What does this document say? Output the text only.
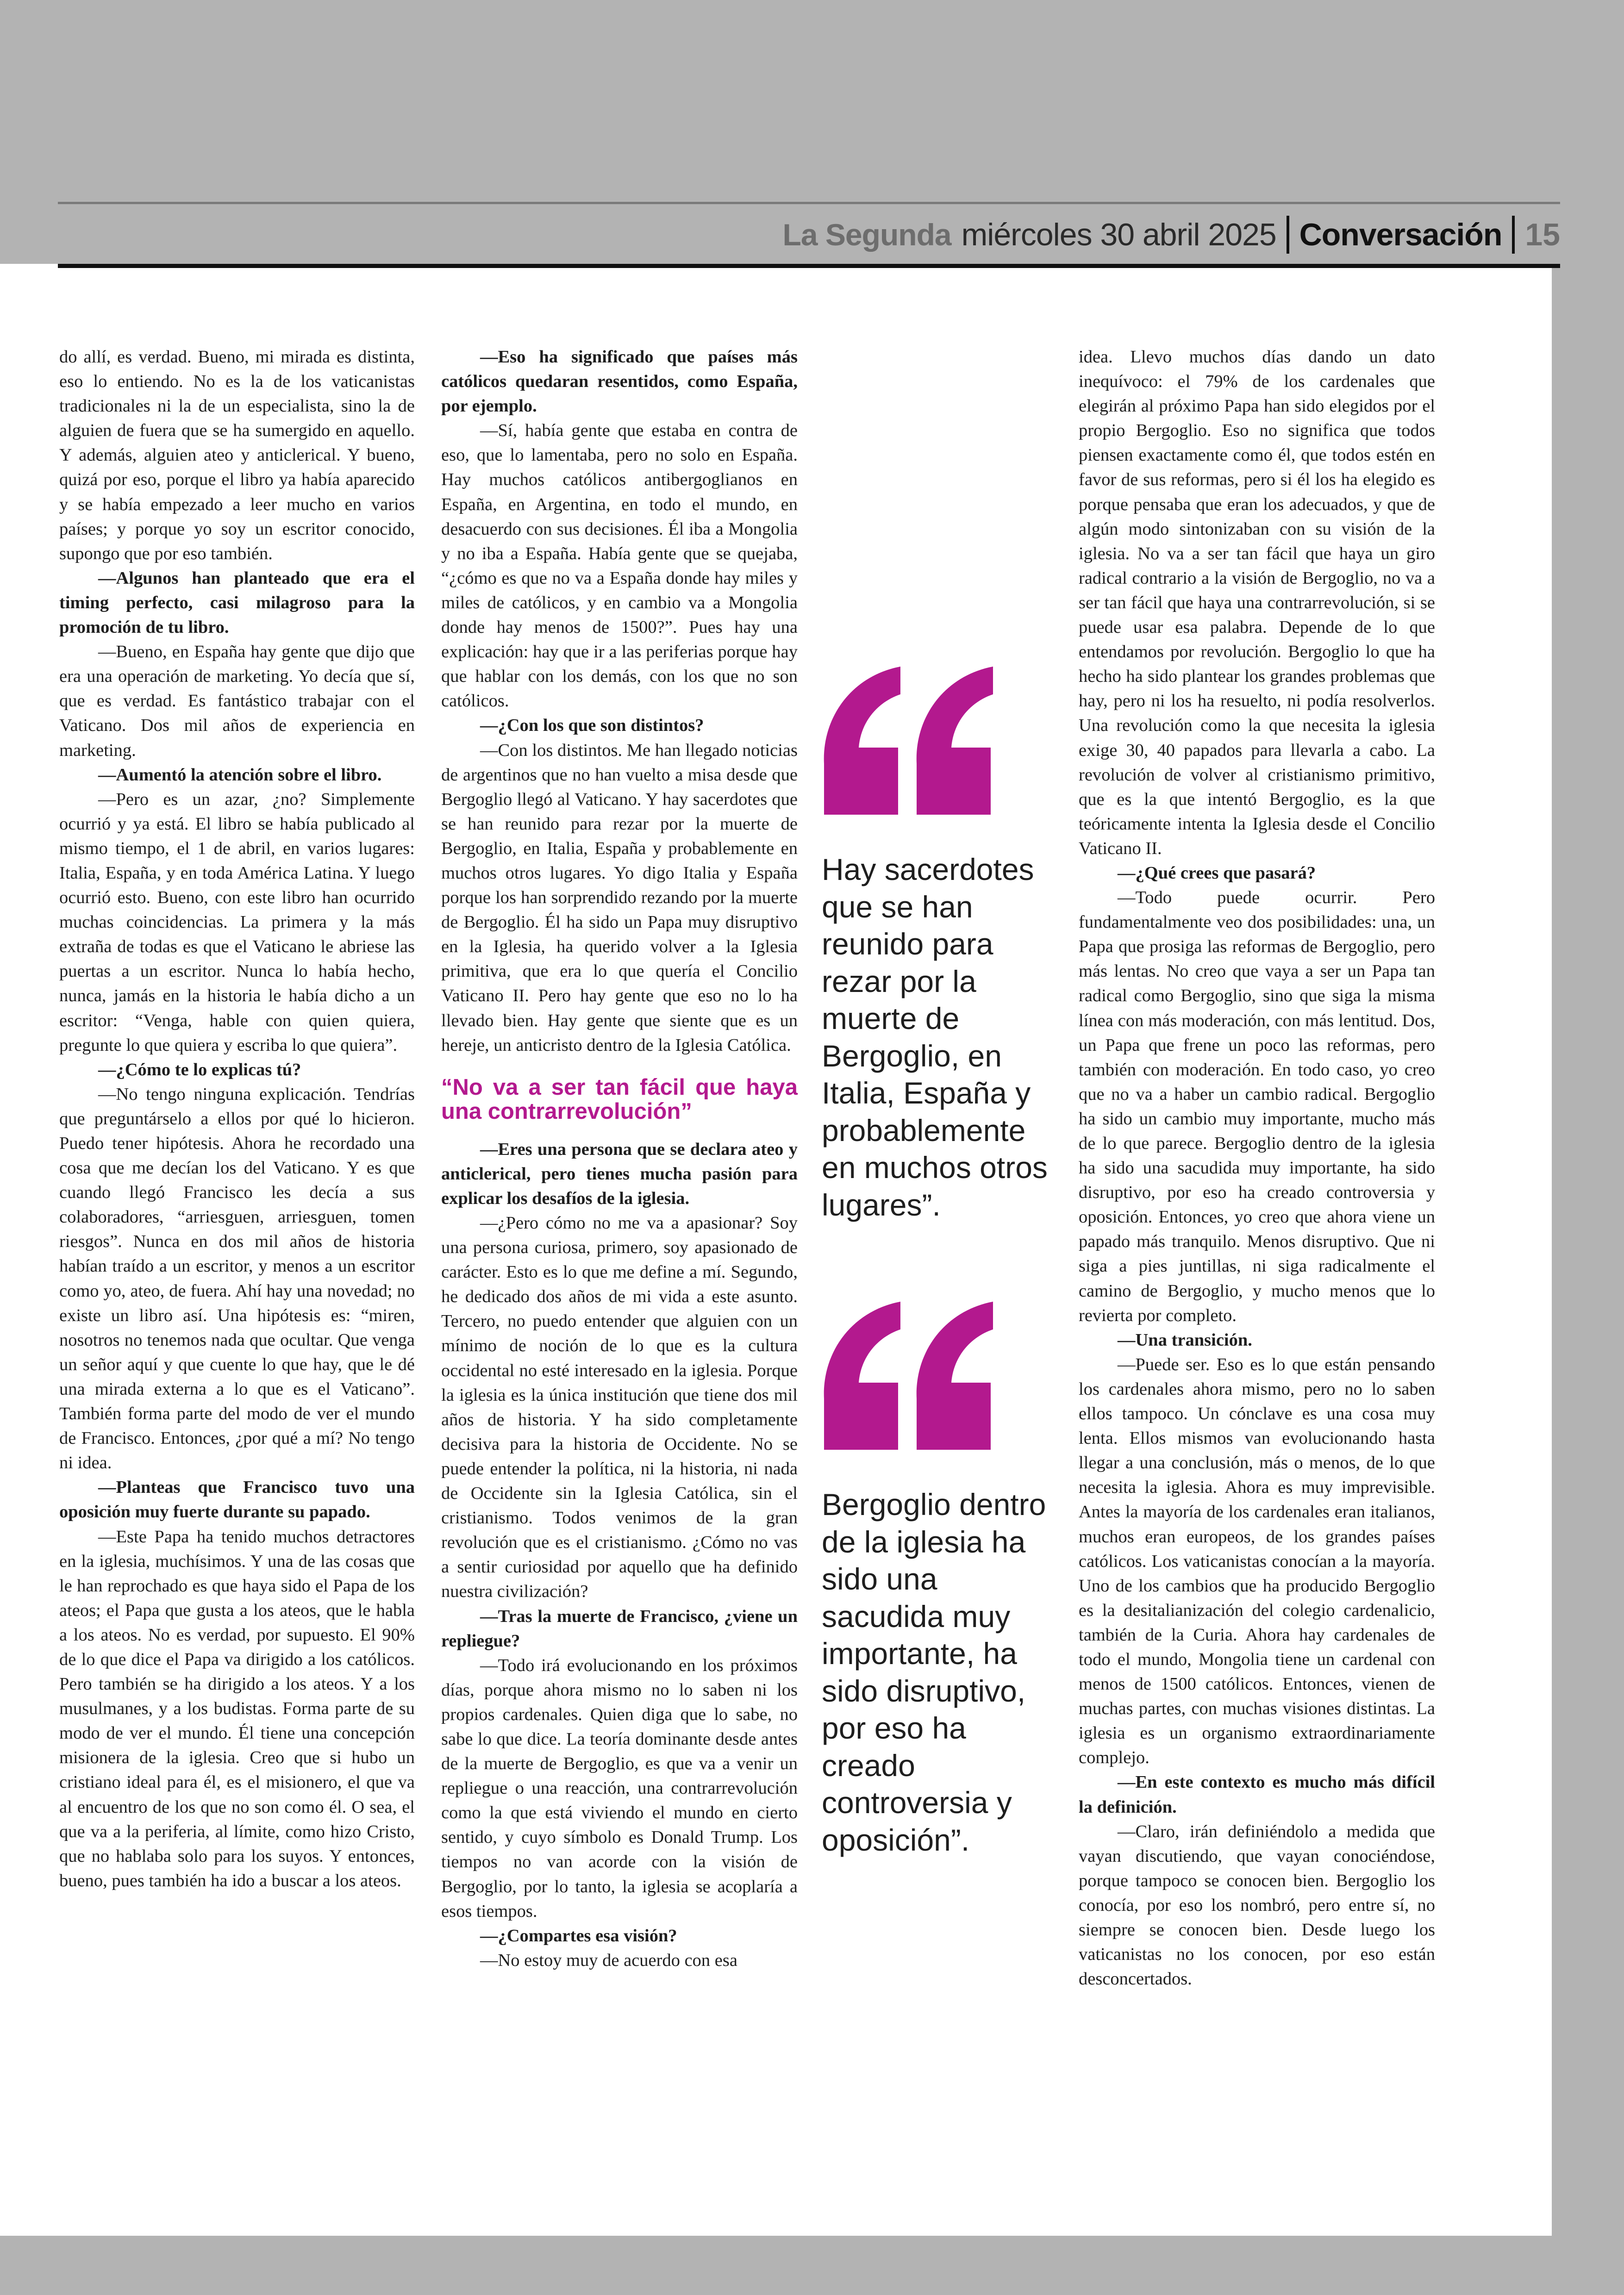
La Segunda miércoles 30 abril 2025 Conversación 15

do allí, es verdad. Bueno, mi mirada es distinta, eso lo entiendo. No es la de los vaticanistas tradicionales ni la de un especialista, sino la de alguien de fuera que se ha sumergido en aquello. Y además, alguien ateo y anticlerical. Y bueno, quizá por eso, porque el libro ya había aparecido y se había empezado a leer mucho en varios países; y porque yo soy un escritor conocido, supongo que por eso también.

—Algunos han planteado que era el timing perfecto, casi milagroso para la promoción de tu libro.

—Bueno, en España hay gente que dijo que era una operación de marketing. Yo decía que sí, que es verdad. Es fantástico trabajar con el Vaticano. Dos mil años de experiencia en marketing.

—Aumentó la atención sobre el libro.

—Pero es un azar, ¿no? Simplemente ocurrió y ya está. El libro se había publicado al mismo tiempo, el 1 de abril, en varios lugares: Italia, España, y en toda América Latina. Y luego ocurrió esto. Bueno, con este libro han ocurrido muchas coincidencias. La primera y la más extraña de todas es que el Vaticano le abriese las puertas a un escritor. Nunca lo había hecho, nunca, jamás en la historia le había dicho a un escritor: “Venga, hable con quien quiera, pregunte lo que quiera y escriba lo que quiera”.

—¿Cómo te lo explicas tú?

—No tengo ninguna explicación. Tendrías que preguntárselo a ellos por qué lo hicieron. Puedo tener hipótesis. Ahora he recordado una cosa que me decían los del Vaticano. Y es que cuando llegó Francisco les decía a sus colaboradores, “arriesguen, arriesguen, tomen riesgos”. Nunca en dos mil años de historia habían traído a un escritor, y menos a un escritor como yo, ateo, de fuera. Ahí hay una novedad; no existe un libro así. Una hipótesis es: “miren, nosotros no tenemos nada que ocultar. Que venga un señor aquí y que cuente lo que hay, que le dé una mirada externa a lo que es el Vaticano”. También forma parte del modo de ver el mundo de Francisco. Entonces, ¿por qué a mí? No tengo ni idea.

—Planteas que Francisco tuvo una oposición muy fuerte durante su papado.

—Este Papa ha tenido muchos detractores en la iglesia, muchísimos. Y una de las cosas que le han reprochado es que haya sido el Papa de los ateos; el Papa que gusta a los ateos, que le habla a los ateos. No es verdad, por supuesto. El 90% de lo que dice el Papa va dirigido a los católicos. Pero también se ha dirigido a los ateos. Y a los musulmanes, y a los budistas. Forma parte de su modo de ver el mundo. Él tiene una concepción misionera de la iglesia. Creo que si hubo un cristiano ideal para él, es el misionero, el que va al encuentro de los que no son como él. O sea, el que va a la periferia, al límite, como hizo Cristo, que no hablaba solo para los suyos. Y entonces, bueno, pues también ha ido a buscar a los ateos.

—Eso ha significado que países más católicos quedaran resentidos, como España, por ejemplo.

—Sí, había gente que estaba en contra de eso, que lo lamentaba, pero no solo en España. Hay muchos católicos antibergoglianos en España, en Argentina, en todo el mundo, en desacuerdo con sus decisiones. Él iba a Mongolia y no iba a España. Había gente que se quejaba, “¿cómo es que no va a España donde hay miles y miles de católicos, y en cambio va a Mongolia donde hay menos de 1500?”. Pues hay una explicación: hay que ir a las periferias porque hay que hablar con los demás, con los que no son católicos.

—¿Con los que son distintos?

—Con los distintos. Me han llegado noticias de argentinos que no han vuelto a misa desde que Bergoglio llegó al Vaticano. Y hay sacerdotes que se han reunido para rezar por la muerte de Bergoglio, en Italia, España y probablemente en muchos otros lugares. Yo digo Italia y España porque los han sorprendido rezando por la muerte de Bergoglio. Él ha sido un Papa muy disruptivo en la Iglesia, ha querido volver a la Iglesia primitiva, que era lo que quería el Concilio Vaticano II. Pero hay gente que eso no lo ha llevado bien. Hay gente que siente que es un hereje, un anticristo dentro de la Iglesia Católica.

“No va a ser tan fácil que haya una contrarrevolución”

—Eres una persona que se declara ateo y anticlerical, pero tienes mucha pasión para explicar los desafíos de la iglesia.

—¿Pero cómo no me va a apasionar? Soy una persona curiosa, primero, soy apasionado de carácter. Esto es lo que me define a mí. Segundo, he dedicado dos años de mi vida a este asunto. Tercero, no puedo entender que alguien con un mínimo de noción de lo que es la cultura occidental no esté interesado en la iglesia. Porque la iglesia es la única institución que tiene dos mil años de historia. Y ha sido completamente decisiva para la historia de Occidente. No se puede entender la política, ni la historia, ni nada de Occidente sin la Iglesia Católica, sin el cristianismo. Todos venimos de la gran revolución que es el cristianismo. ¿Cómo no vas a sentir curiosidad por aquello que ha definido nuestra civilización?

—Tras la muerte de Francisco, ¿viene un repliegue?

—Todo irá evolucionando en los próximos días, porque ahora mismo no lo saben ni los propios cardenales. Quien diga que lo sabe, no sabe lo que dice. La teoría dominante desde antes de la muerte de Bergoglio, es que va a venir un repliegue o una reacción, una contrarrevolución como la que está viviendo el mundo en cierto sentido, y cuyo símbolo es Donald Trump. Los tiempos no van acorde con la visión de Bergoglio, por lo tanto, la iglesia se acoplaría a esos tiempos.

—¿Compartes esa visión?

—No estoy muy de acuerdo con esa

Hay sacerdotes que se han reunido para rezar por la muerte de Bergoglio, en Italia, España y probablemente en muchos otros lugares”.
Bergoglio dentro de la iglesia ha sido una sacudida muy importante, ha sido disruptivo, por eso ha creado controversia y oposición”.

idea. Llevo muchos días dando un dato inequívoco: el 79% de los cardenales que elegirán al próximo Papa han sido elegidos por el propio Bergoglio. Eso no significa que todos piensen exactamente como él, que todos estén en favor de sus reformas, pero si él los ha elegido es porque pensaba que eran los adecuados, y que de algún modo sintonizaban con su visión de la iglesia. No va a ser tan fácil que haya un giro radical contrario a la visión de Bergoglio, no va a ser tan fácil que haya una contrarrevolución, si se puede usar esa palabra. Depende de lo que entendamos por revolución. Bergoglio lo que ha hecho ha sido plantear los grandes problemas que hay, pero ni los ha resuelto, ni podía resolverlos. Una revolución como la que necesita la iglesia exige 30, 40 papados para llevarla a cabo. La revolución de volver al cristianismo primitivo, que es la que intentó Bergoglio, es la que teóricamente intenta la Iglesia desde el Concilio Vaticano II.

—¿Qué crees que pasará?

—Todo puede ocurrir. Pero fundamentalmente veo dos posibilidades: una, un Papa que prosiga las reformas de Bergoglio, pero más lentas. No creo que vaya a ser un Papa tan radical como Bergoglio, sino que siga la misma línea con más moderación, con más lentitud. Dos, un Papa que frene un poco las reformas, pero también con moderación. En todo caso, yo creo que no va a haber un cambio radical. Bergoglio ha sido un cambio muy importante, mucho más de lo que parece. Bergoglio dentro de la iglesia ha sido una sacudida muy importante, ha sido disruptivo, por eso ha creado controversia y oposición. Entonces, yo creo que ahora viene un papado más tranquilo. Menos disruptivo. Que ni siga a pies juntillas, ni siga radicalmente el camino de Bergoglio, y mucho menos que lo revierta por completo.

—Una transición.

—Puede ser. Eso es lo que están pensando los cardenales ahora mismo, pero no lo saben ellos tampoco. Un cónclave es una cosa muy lenta. Ellos mismos van evolucionando hasta llegar a una conclusión, más o menos, de lo que necesita la iglesia. Ahora es muy imprevisible. Antes la mayoría de los cardenales eran italianos, muchos eran europeos, de los grandes países católicos. Los vaticanistas conocían a la mayoría. Uno de los cambios que ha producido Bergoglio es la desitalianización del colegio cardenalicio, también de la Curia. Ahora hay cardenales de todo el mundo, Mongolia tiene un cardenal con menos de 1500 católicos. Entonces, vienen de muchas partes, con muchas visiones distintas. La iglesia es un organismo extraordinariamente complejo.

—En este contexto es mucho más difícil la definición.

—Claro, irán definiéndolo a medida que vayan discutiendo, que vayan conociéndose, porque tampoco se conocen bien. Bergoglio los conocía, por eso los nombró, pero entre sí, no siempre se conocen bien. Desde luego los vaticanistas no los conocen, por eso están desconcertados.
